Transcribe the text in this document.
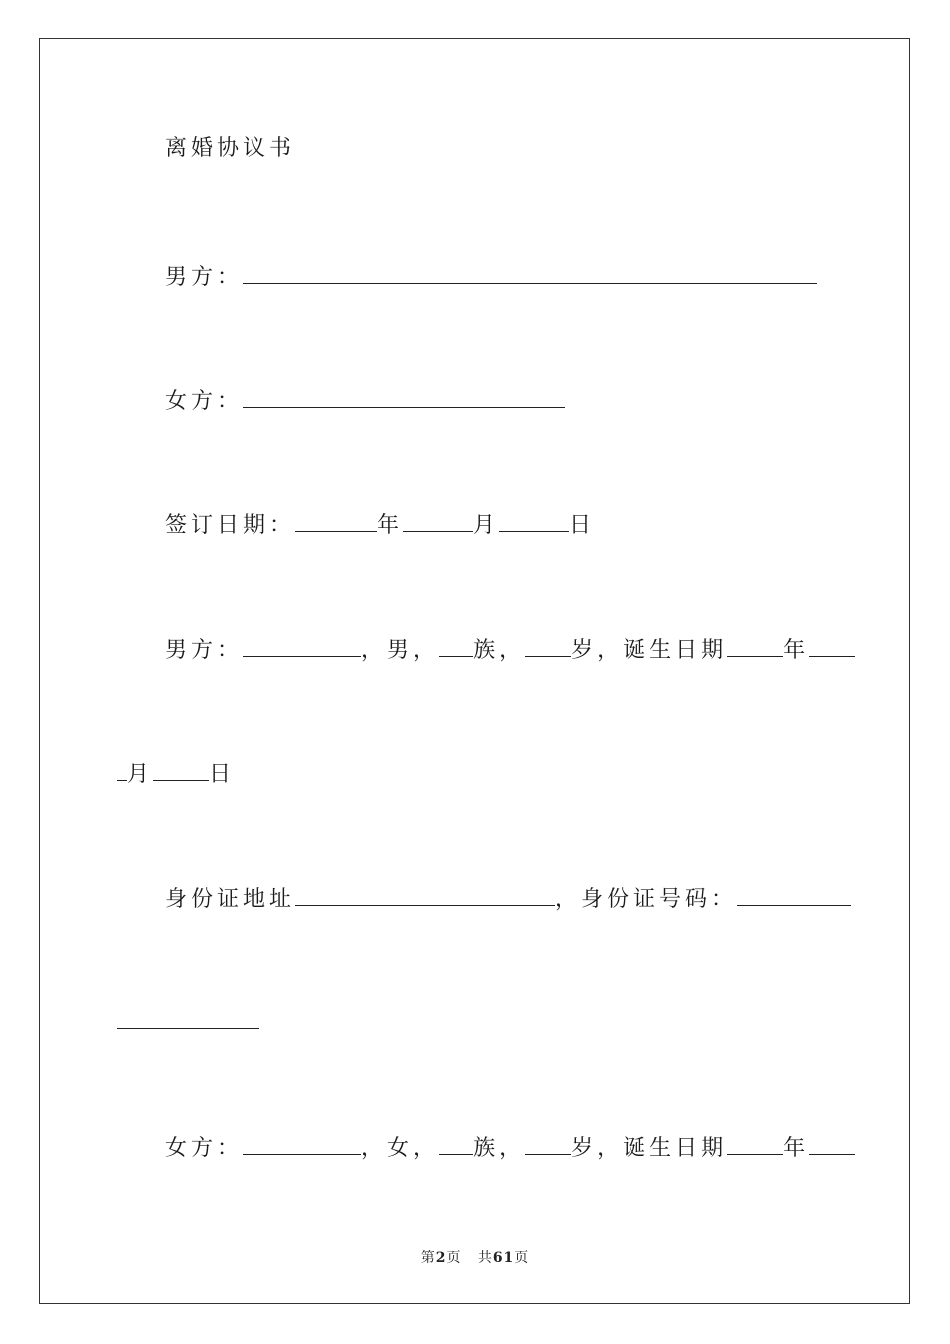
离婚协议书
男方：
女方：
签订日期：	年	月	日
男方：	，男， 族， 岁，诞生日期	年
月	日
身份证地址	，身份证号码：
女方：	，女， 族， 岁，诞生日期	年
第2页 共61页
